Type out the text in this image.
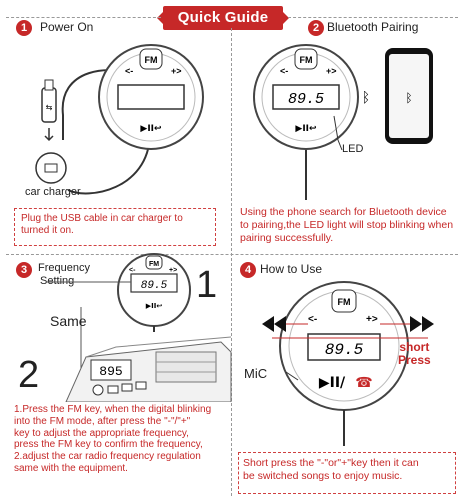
Quick Guide
1	Power On
⇆
FM
<-	+>
▶II↩
car charger
Plug the USB cable in car charger to turned it on.
2 Bluetooth Pairing
89.5
FM
<-	+>
▶II↩
ᛒ	ᛒ
LED
Using the phone search for Bluetooth device to pairing,the LED light will stop blinking when pairing successfully.
3 Frequency
Setting	89.5
FM
<-	+>
▶II↩
895
1
Same
2
1.Press the FM key, when the digital blinking
into the FM mode, after press the "-"/"+"
key to adjust the appropriate frequency,
press the FM key to confirm the frequency,
2.adjust the car radio frequency regulation
same with the equipment.
4 How to Use
89.5
FM
<-	+>
▶II/ ☎
MiC
short
Press
Short press the "-"or"+"key then it can
be switched songs to enjoy music.
